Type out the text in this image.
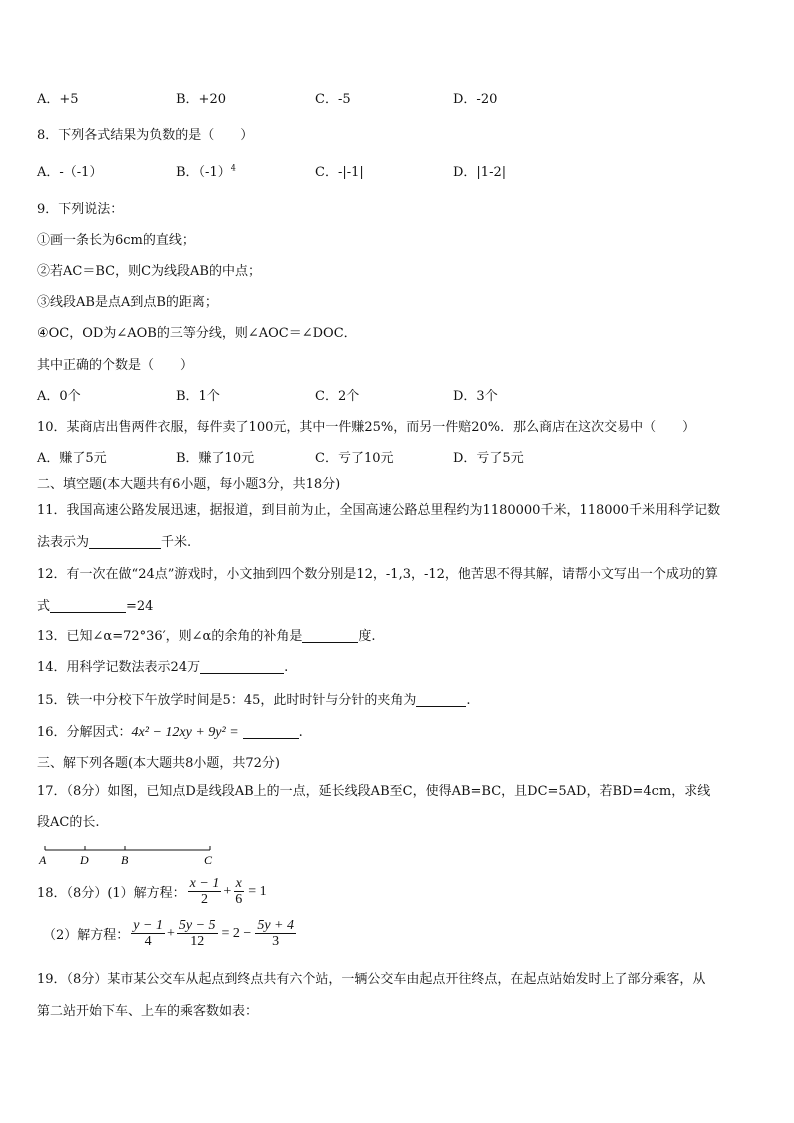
A．+5	B．+20	C．-5	D．-20
8．下列各式结果为负数的是（　　）
A．-（-1）	B．$(-1)^4$	C．-|-1|	D．|1-2|
9．下列说法：
①画一条长为6cm的直线；
②若AC＝BC，则C为线段AB的中点；
③线段AB是点A到点B的距离；
④OC，OD为∠AOB的三等分线，则∠AOC＝∠DOC．
其中正确的个数是（　　）
A．0个	B．1个	C．2个	D．3个
10．某商店出售两件衣服，每件卖了100元，其中一件赚25%，而另一件赔20%．那么商店在这次交易中（　　）
A．赚了5元	B．赚了10元	C．亏了10元	D．亏了5元
二、填空题(本大题共有6小题，每小题3分，共18分)
11．我国高速公路发展迅速，据报道，到目前为止，全国高速公路总里程约为1180000千米，118000千米用科学记数
法表示为	千米.
12．有一次在做“24点”游戏时，小文抽到四个数分别是12，-1,3，-12，他苦思不得其解，请帮小文写出一个成功的算
式	=24
13．已知∠α=72°36′，则∠α的余角的补角是	度.
14．用科学记数法表示24万	.
15．铁一中分校下午放学时间是5：45，此时时针与分针的夹角为	.
16．分解因式：4x² − 12xy + 9y² =	.
三、解下列各题(本大题共8小题，共72分)
17．（8分）如图，已知点D是线段AB上的一点，延长线段AB至C，使得AB=BC，且DC=5AD，若BD=4cm，求线
段AC的长.
A	D	B	C
18．（8分）(1）解方程： $\frac{x - 1}{2} + \frac{x}{6} = 1$
（2）解方程： $\frac{y - 1}{4} + \frac{5y - 5}{12} = 2 - \frac{5y + 4}{3}$
19．（8分）某市某公交车从起点到终点共有六个站，一辆公交车由起点开往终点，在起点站始发时上了部分乘客，从
第二站开始下车、上车的乘客数如表：
